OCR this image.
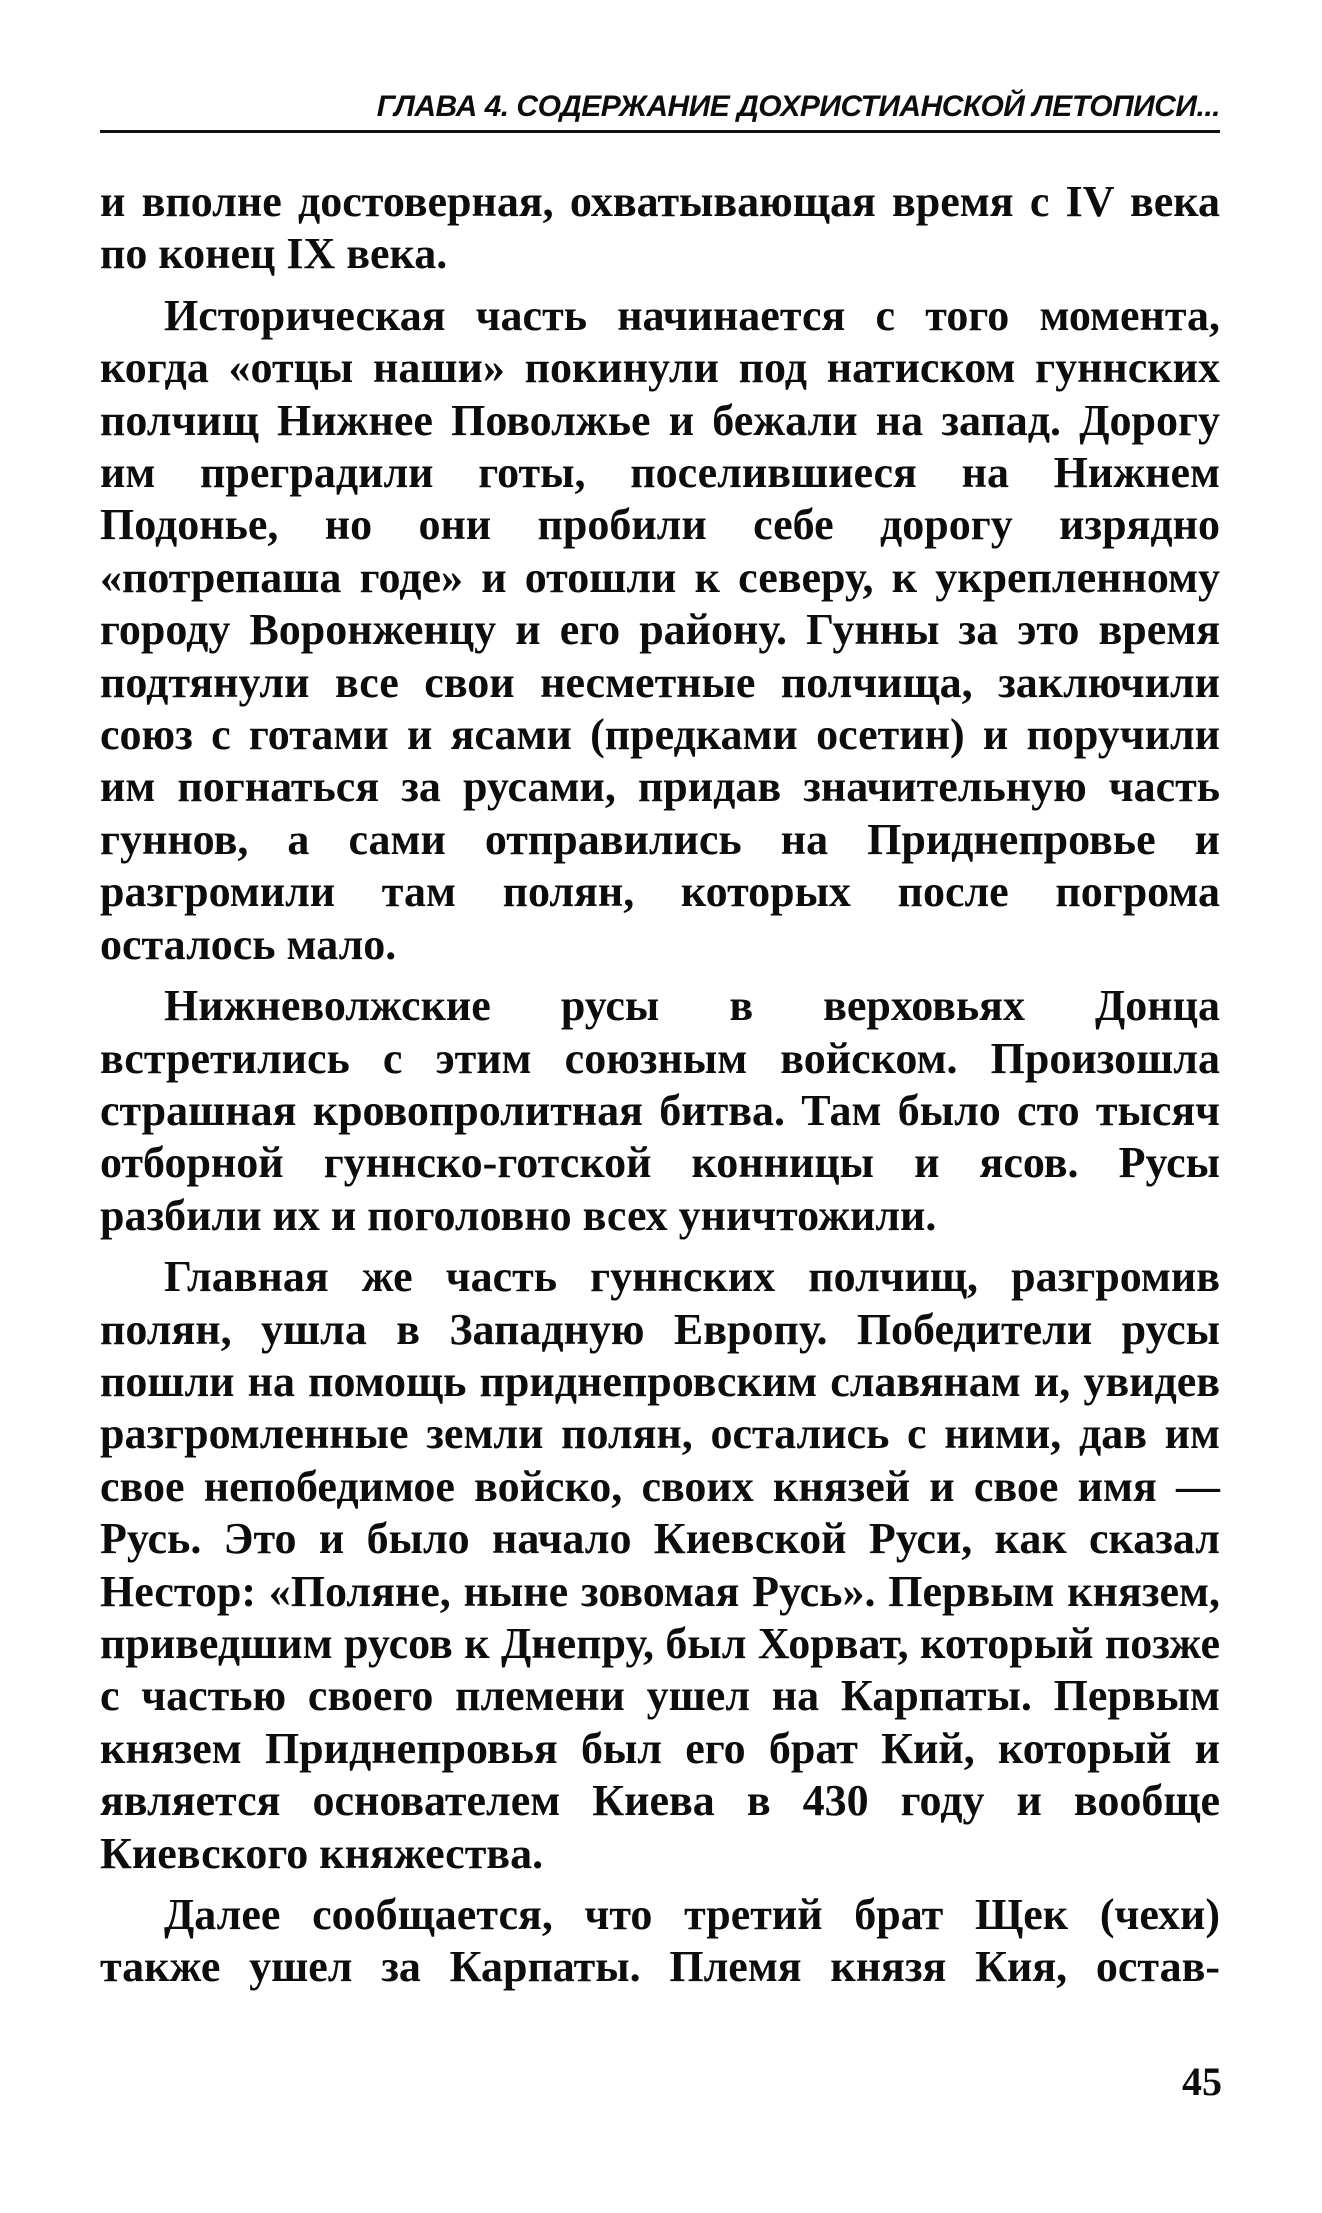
ГЛАВА 4. СОДЕРЖАНИЕ ДОХРИСТИАНСКОЙ ЛЕТОПИСИ...

и вполне достоверная, охватывающая время с IV века по конец IX века.

Историческая часть начинается с того момента, когда «отцы наши» покинули под натиском гуннских полчищ Нижнее Поволжье и бежали на запад. Дорогу им преградили готы, поселившиеся на Нижнем Подонье, но они пробили себе дорогу изрядно «потрепаша годе» и отошли к северу, к укрепленному городу Воронженцу и его району. Гунны за это время подтянули все свои несметные полчища, заключили союз с готами и ясами (предками осетин) и поручили им погнаться за русами, придав значительную часть гуннов, а сами отправились на Приднепровье и разгромили там полян, которых после погрома осталось мало.

Нижневолжские русы в верховьях Донца встретились с этим союзным войском. Произошла страшная кровопролитная битва. Там было сто тысяч отборной гуннско-готской конницы и ясов. Русы разбили их и поголовно всех уничтожили.

Главная же часть гуннских полчищ, разгромив полян, ушла в Западную Европу. Победители русы пошли на помощь приднепровским славянам и, увидев разгромленные земли полян, остались с ними, дав им свое непобедимое войско, своих князей и свое имя — Русь. Это и было начало Киевской Руси, как сказал Нестор: «Поляне, ныне зовомая Русь». Первым князем, приведшим русов к Днепру, был Хорват, который позже с частью своего племени ушел на Карпаты. Первым князем Приднепровья был его брат Кий, который и является основателем Киева в 430 году и вообще Киевского княжества.

Далее сообщается, что третий брат Щек (чехи) также ушел за Карпаты. Племя князя Кия, остав-

45
